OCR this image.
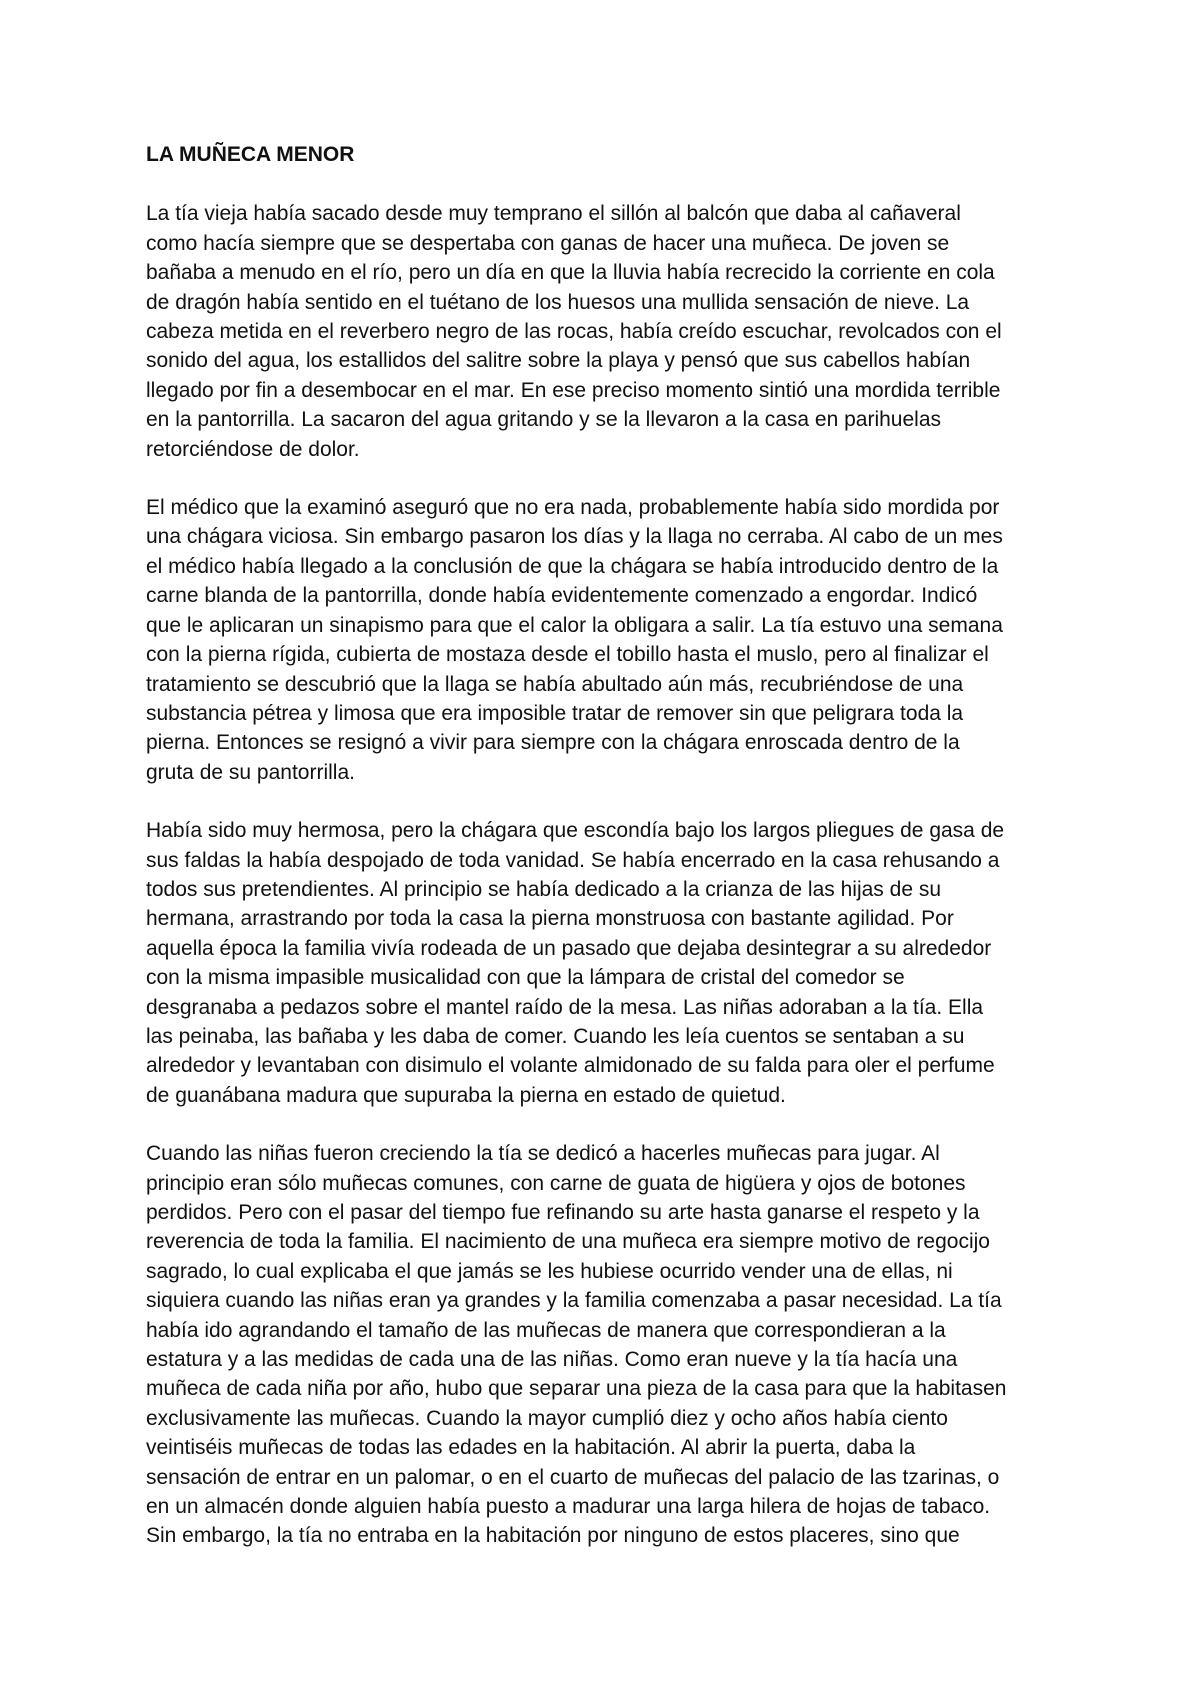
LA MUÑECA MENOR
La tía vieja había sacado desde muy temprano el sillón al balcón que daba al cañaveral
como hacía siempre que se despertaba con ganas de hacer una muñeca. De joven se
bañaba a menudo en el río, pero un día en que la lluvia había recrecido la corriente en cola
de dragón había sentido en el tuétano de los huesos una mullida sensación de nieve. La
cabeza metida en el reverbero negro de las rocas, había creído escuchar, revolcados con el
sonido del agua, los estallidos del salitre sobre la playa y pensó que sus cabellos habían
llegado por fin a desembocar en el mar. En ese preciso momento sintió una mordida terrible
en la pantorrilla. La sacaron del agua gritando y se la llevaron a la casa en parihuelas
retorciéndose de dolor.
El médico que la examinó aseguró que no era nada, probablemente había sido mordida por
una chágara viciosa. Sin embargo pasaron los días y la llaga no cerraba. Al cabo de un mes
el médico había llegado a la conclusión de que la chágara se había introducido dentro de la
carne blanda de la pantorrilla, donde había evidentemente comenzado a engordar. Indicó
que le aplicaran un sinapismo para que el calor la obligara a salir. La tía estuvo una semana
con la pierna rígida, cubierta de mostaza desde el tobillo hasta el muslo, pero al finalizar el
tratamiento se descubrió que la llaga se había abultado aún más, recubriéndose de una
substancia pétrea y limosa que era imposible tratar de remover sin que peligrara toda la
pierna. Entonces se resignó a vivir para siempre con la chágara enroscada dentro de la
gruta de su pantorrilla.
Había sido muy hermosa, pero la chágara que escondía bajo los largos pliegues de gasa de
sus faldas la había despojado de toda vanidad. Se había encerrado en la casa rehusando a
todos sus pretendientes. Al principio se había dedicado a la crianza de las hijas de su
hermana, arrastrando por toda la casa la pierna monstruosa con bastante agilidad. Por
aquella época la familia vivía rodeada de un pasado que dejaba desintegrar a su alrededor
con la misma impasible musicalidad con que la lámpara de cristal del comedor se
desgranaba a pedazos sobre el mantel raído de la mesa. Las niñas adoraban a la tía. Ella
las peinaba, las bañaba y les daba de comer. Cuando les leía cuentos se sentaban a su
alrededor y levantaban con disimulo el volante almidonado de su falda para oler el perfume
de guanábana madura que supuraba la pierna en estado de quietud.
Cuando las niñas fueron creciendo la tía se dedicó a hacerles muñecas para jugar. Al
principio eran sólo muñecas comunes, con carne de guata de higüera y ojos de botones
perdidos. Pero con el pasar del tiempo fue refinando su arte hasta ganarse el respeto y la
reverencia de toda la familia. El nacimiento de una muñeca era siempre motivo de regocijo
sagrado, lo cual explicaba el que jamás se les hubiese ocurrido vender una de ellas, ni
siquiera cuando las niñas eran ya grandes y la familia comenzaba a pasar necesidad. La tía
había ido agrandando el tamaño de las muñecas de manera que correspondieran a la
estatura y a las medidas de cada una de las niñas. Como eran nueve y la tía hacía una
muñeca de cada niña por año, hubo que separar una pieza de la casa para que la habitasen
exclusivamente las muñecas. Cuando la mayor cumplió diez y ocho años había ciento
veintiséis muñecas de todas las edades en la habitación. Al abrir la puerta, daba la
sensación de entrar en un palomar, o en el cuarto de muñecas del palacio de las tzarinas, o
en un almacén donde alguien había puesto a madurar una larga hilera de hojas de tabaco.
Sin embargo, la tía no entraba en la habitación por ninguno de estos placeres, sino que
